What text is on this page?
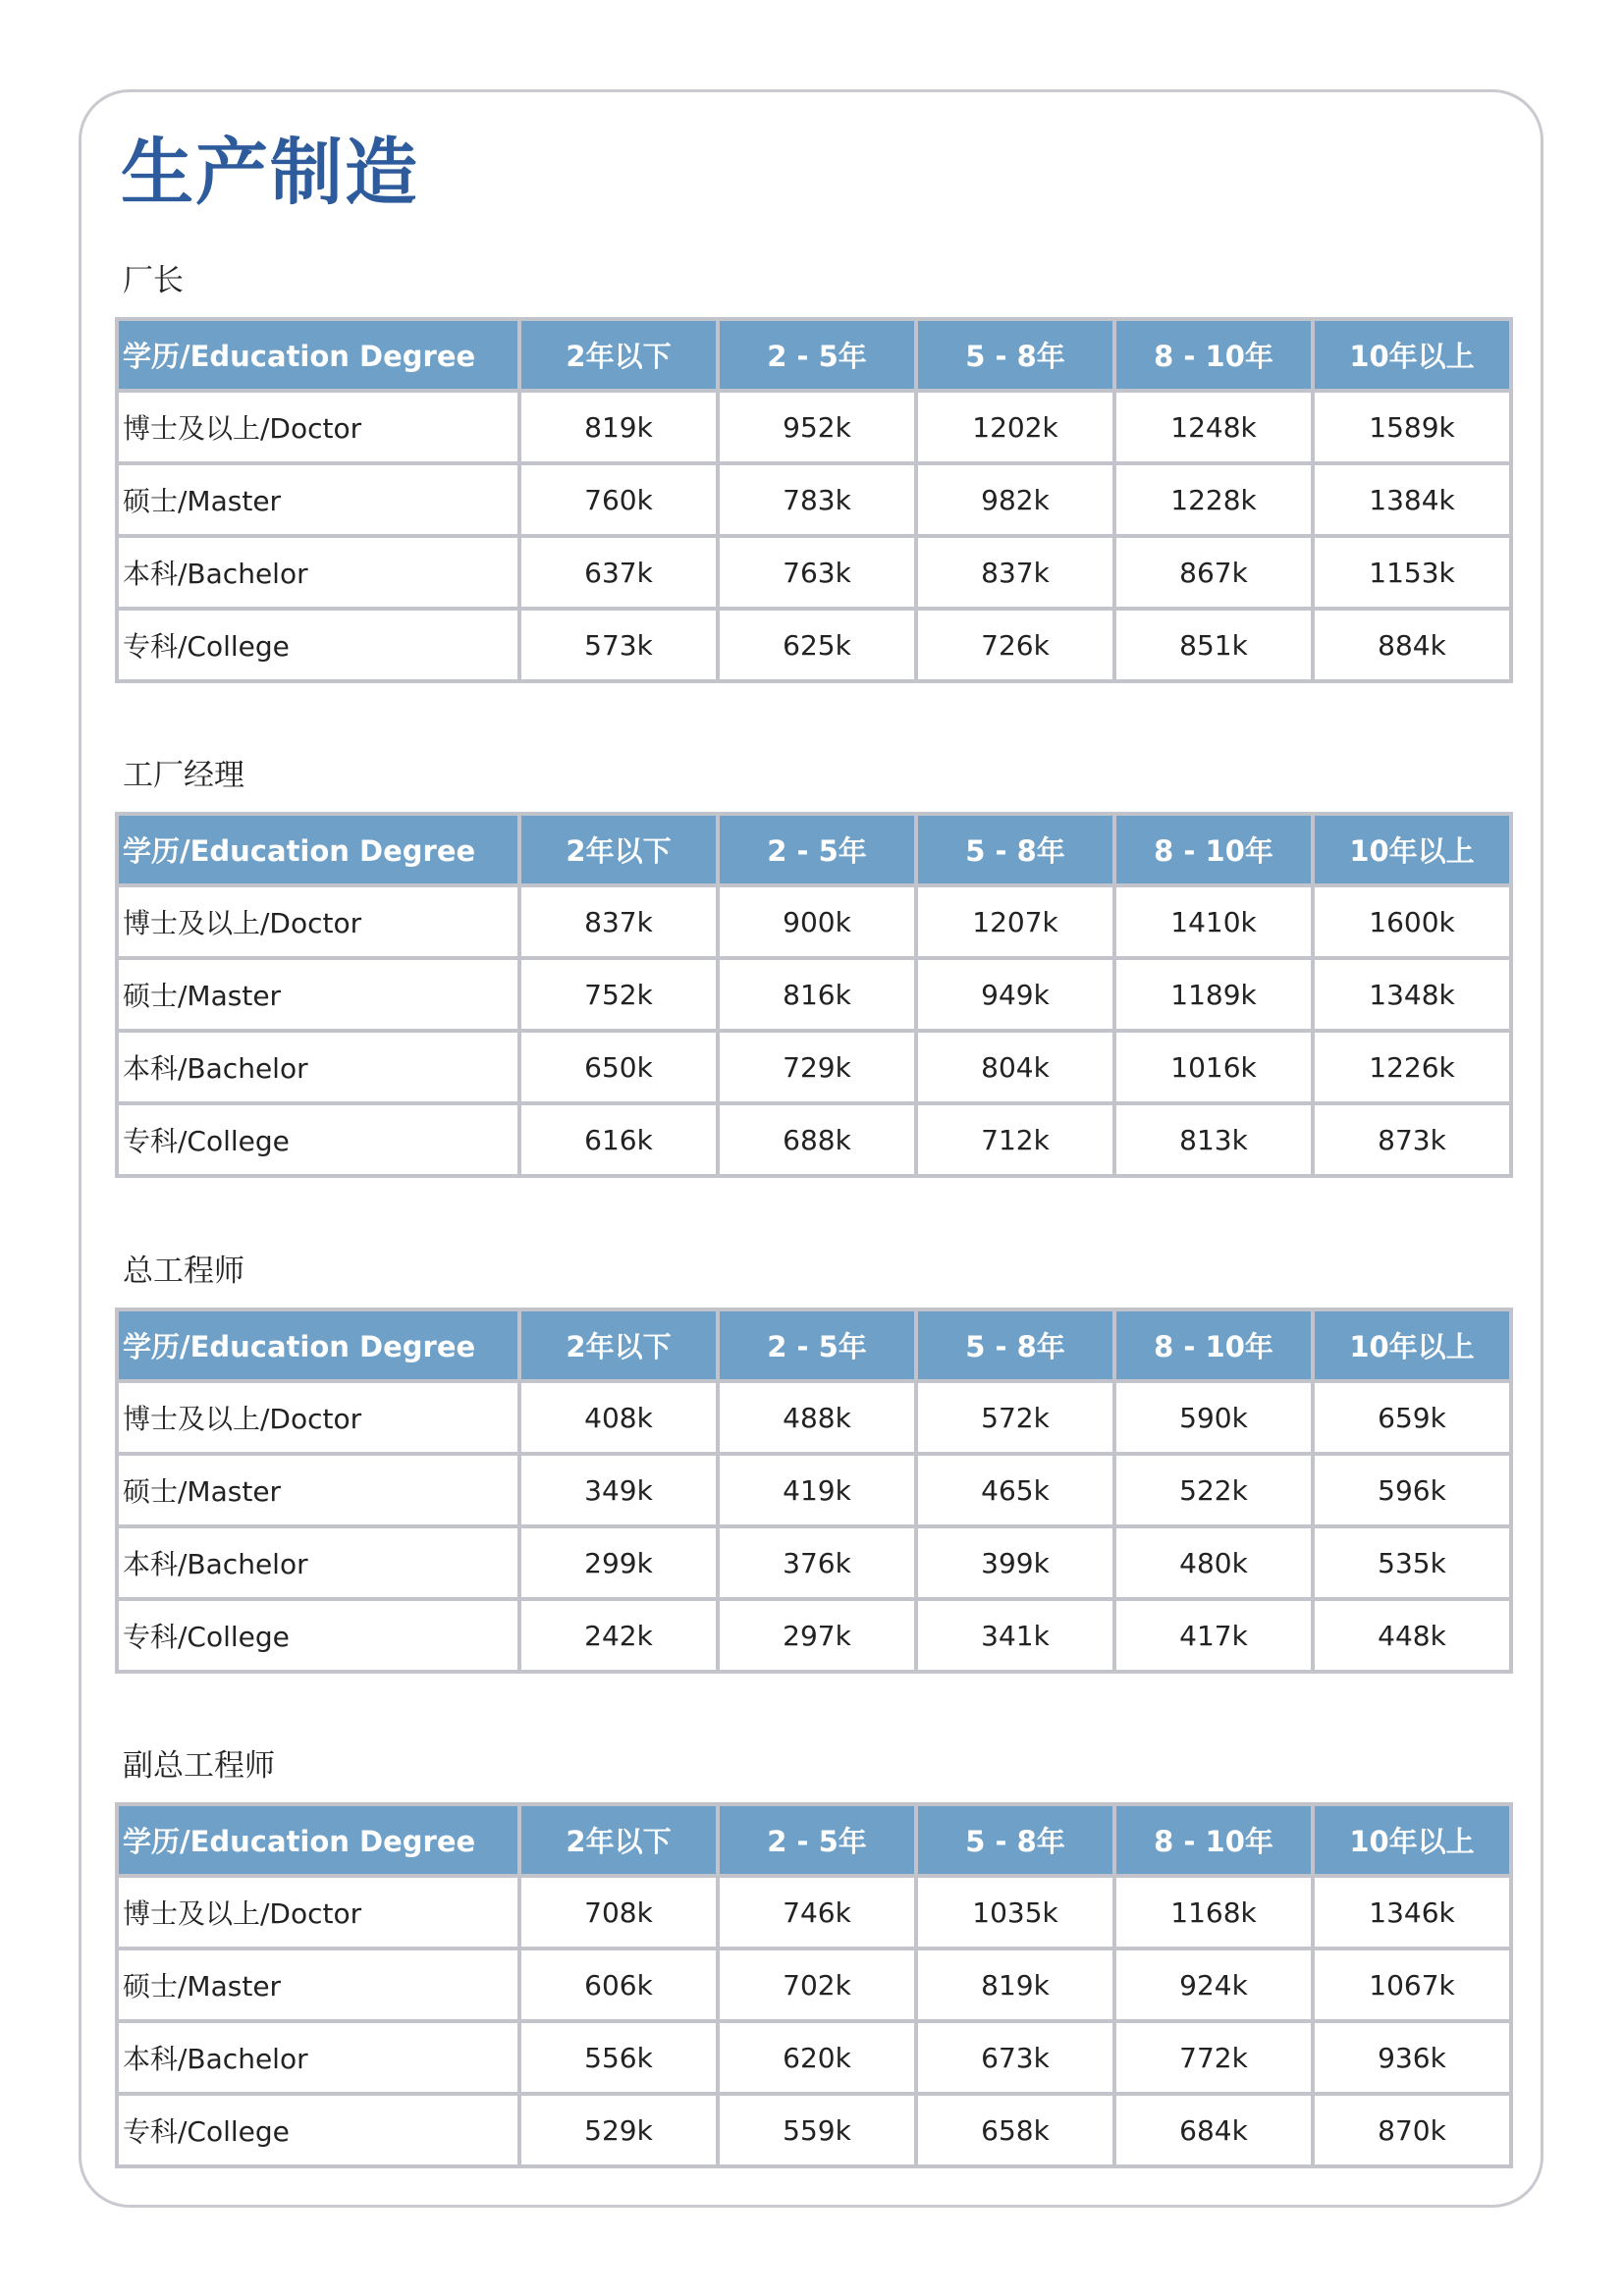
生产制造
厂长
学历/Education Degree	2年以下	2 - 5年	5 - 8年	8 - 10年	10年以上
博士及以上/Doctor	819k	952k	1202k	1248k	1589k
硕士/Master	760k	783k	982k	1228k	1384k
本科/Bachelor	637k	763k	837k	867k	1153k
专科/College	573k	625k	726k	851k	884k
工厂经理
学历/Education Degree	2年以下	2 - 5年	5 - 8年	8 - 10年	10年以上
博士及以上/Doctor	837k	900k	1207k	1410k	1600k
硕士/Master	752k	816k	949k	1189k	1348k
本科/Bachelor	650k	729k	804k	1016k	1226k
专科/College	616k	688k	712k	813k	873k
总工程师
学历/Education Degree	2年以下	2 - 5年	5 - 8年	8 - 10年	10年以上
博士及以上/Doctor	408k	488k	572k	590k	659k
硕士/Master	349k	419k	465k	522k	596k
本科/Bachelor	299k	376k	399k	480k	535k
专科/College	242k	297k	341k	417k	448k
副总工程师
学历/Education Degree	2年以下	2 - 5年	5 - 8年	8 - 10年	10年以上
博士及以上/Doctor	708k	746k	1035k	1168k	1346k
硕士/Master	606k	702k	819k	924k	1067k
本科/Bachelor	556k	620k	673k	772k	936k
专科/College	529k	559k	658k	684k	870k
